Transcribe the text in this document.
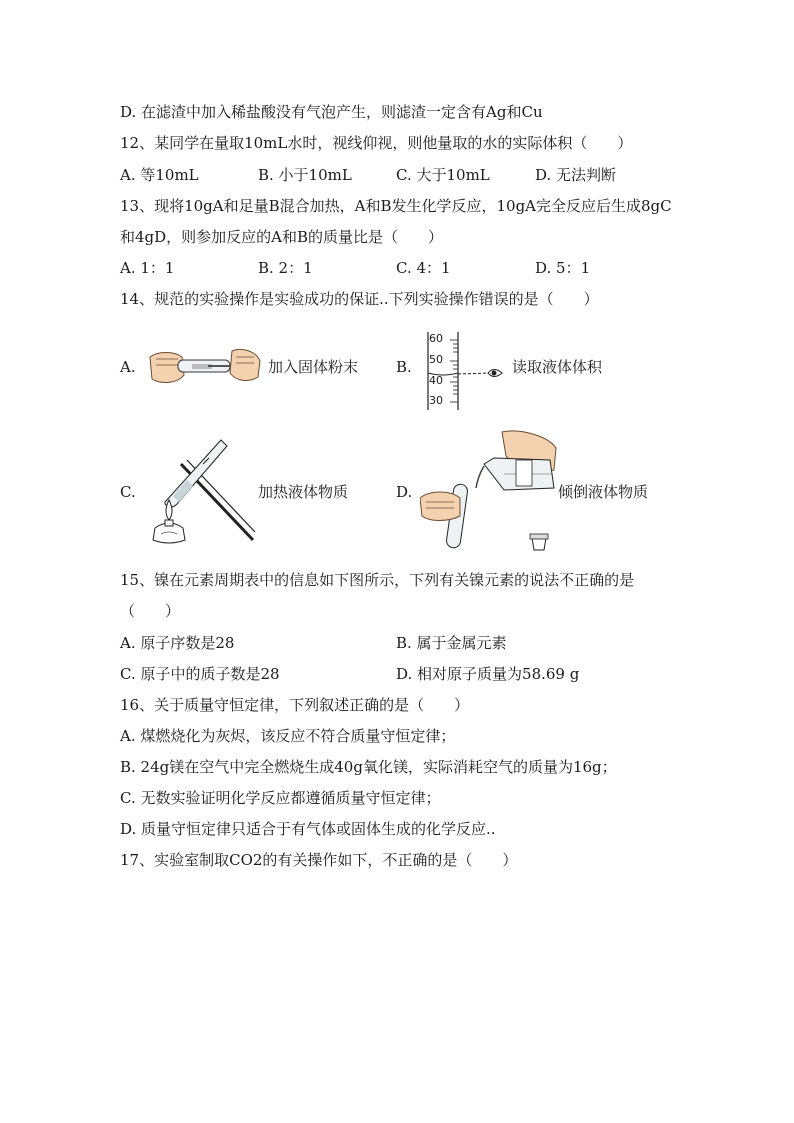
D. 在滤渣中加入稀盐酸没有气泡产生，则滤渣一定含有Ag和Cu
12、某同学在量取10mL水时，视线仰视，则他量取的水的实际体积（　　）
A. 等10mL	B. 小于10mL	C. 大于10mL	D. 无法判断
13、现将10gA和足量B混合加热，A和B发生化学反应，10gA完全反应后生成8gC
和4gD，则参加反应的A和B的质量比是（　　）
A. 1：1	B. 2：1	C. 4：1	D. 5：1
14、规范的实验操作是实验成功的保证..下列实验操作错误的是（　　）
A.	加入固体粉末	B.
60
50
40
30
读取液体体积
C.	加热液体物质	D.	倾倒液体物质
15、镍在元素周期表中的信息如下图所示，下列有关镍元素的说法不正确的是
（　　）
A. 原子序数是28	B. 属于金属元素
C. 原子中的质子数是28	D. 相对原子质量为58.69 g
16、关于质量守恒定律，下列叙述正确的是（　　）
A. 煤燃烧化为灰烬，该反应不符合质量守恒定律；
B. 24g镁在空气中完全燃烧生成40g氧化镁，实际消耗空气的质量为16g；
C. 无数实验证明化学反应都遵循质量守恒定律；
D. 质量守恒定律只适合于有气体或固体生成的化学反应..
17、实验室制取CO2的有关操作如下，不正确的是（　　）
